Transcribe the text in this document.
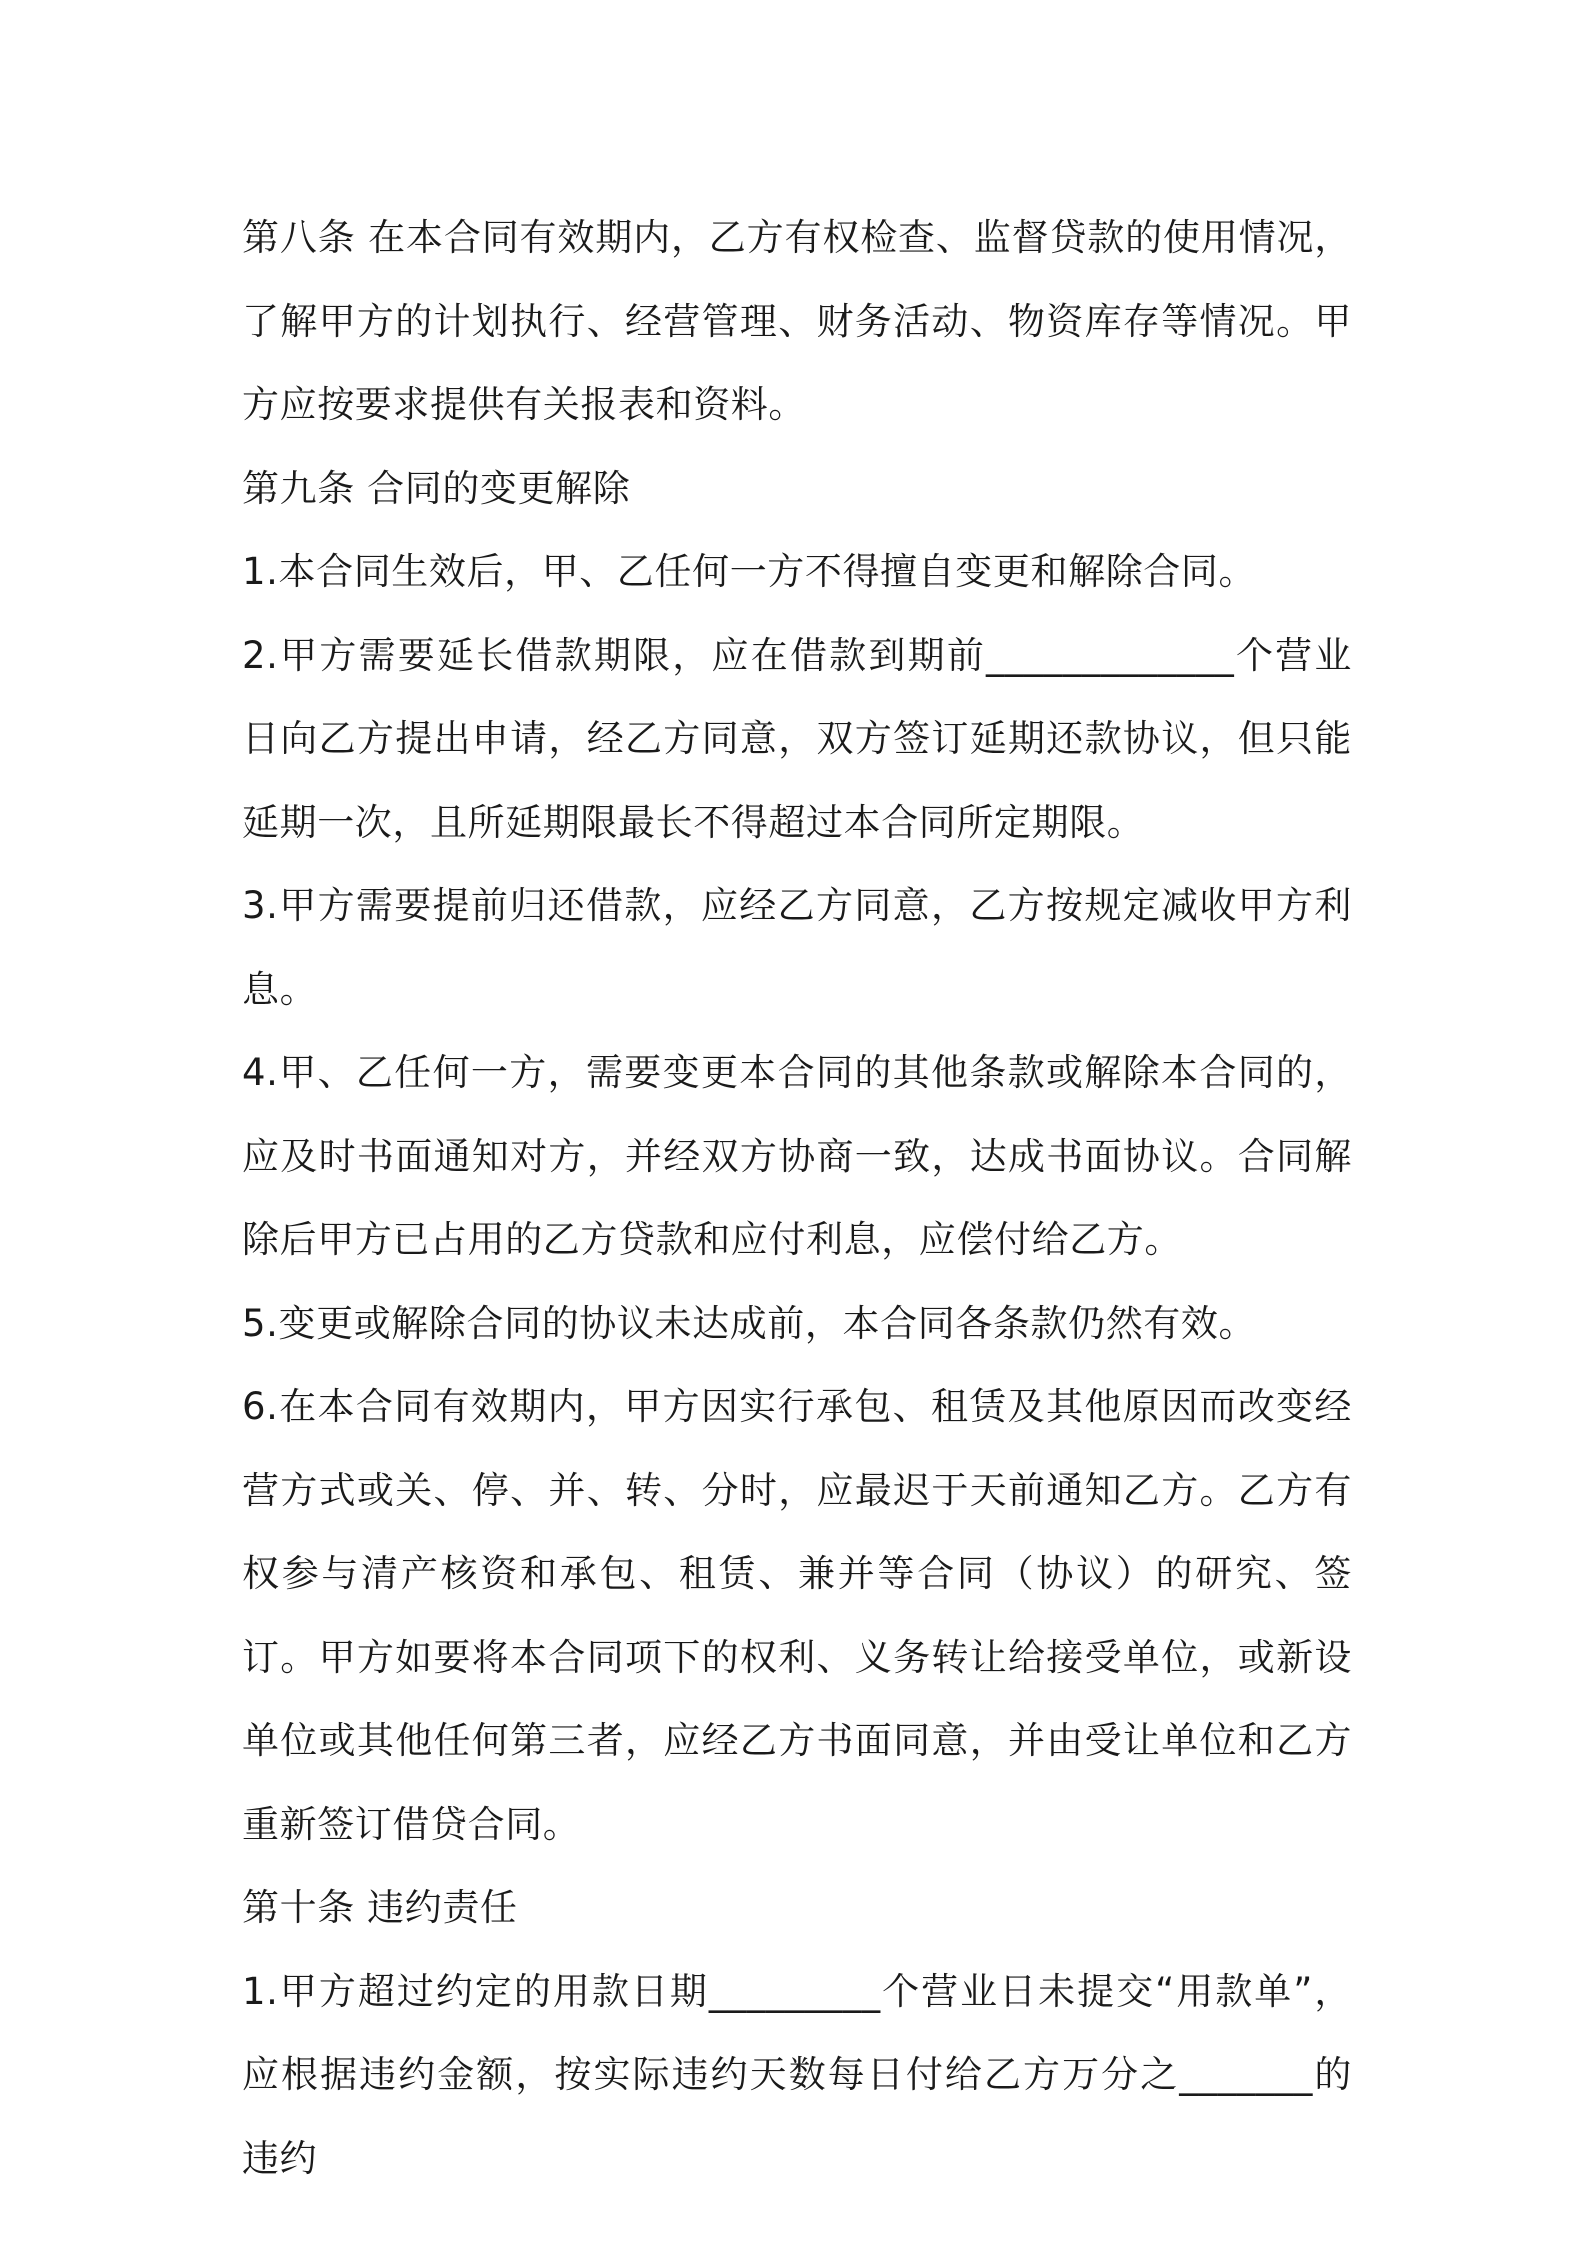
第八条 在本合同有效期内，乙方有权检查、监督贷款的使用情况，了解甲方的计划执行、经营管理、财务活动、物资库存等情况。甲方应按要求提供有关报表和资料。

第九条 合同的变更解除

1.本合同生效后，甲、乙任何一方不得擅自变更和解除合同。

2.甲方需要延长借款期限，应在借款到期前_____________个营业日向乙方提出申请，经乙方同意，双方签订延期还款协议，但只能延期一次，且所延期限最长不得超过本合同所定期限。

3.甲方需要提前归还借款，应经乙方同意，乙方按规定减收甲方利息。

4.甲、乙任何一方，需要变更本合同的其他条款或解除本合同的，应及时书面通知对方，并经双方协商一致，达成书面协议。合同解除后甲方已占用的乙方贷款和应付利息，应偿付给乙方。

5.变更或解除合同的协议未达成前，本合同各条款仍然有效。

6.在本合同有效期内，甲方因实行承包、租赁及其他原因而改变经营方式或关、停、并、转、分时，应最迟于天前通知乙方。乙方有权参与清产核资和承包、租赁、兼并等合同（协议）的研究、签订。甲方如要将本合同项下的权利、义务转让给接受单位，或新设单位或其他任何第三者，应经乙方书面同意，并由受让单位和乙方重新签订借贷合同。

第十条 违约责任

1.甲方超过约定的用款日期_________个营业日未提交“用款单”，应根据违约金额，按实际违约天数每日付给乙方万分之_______的违约
